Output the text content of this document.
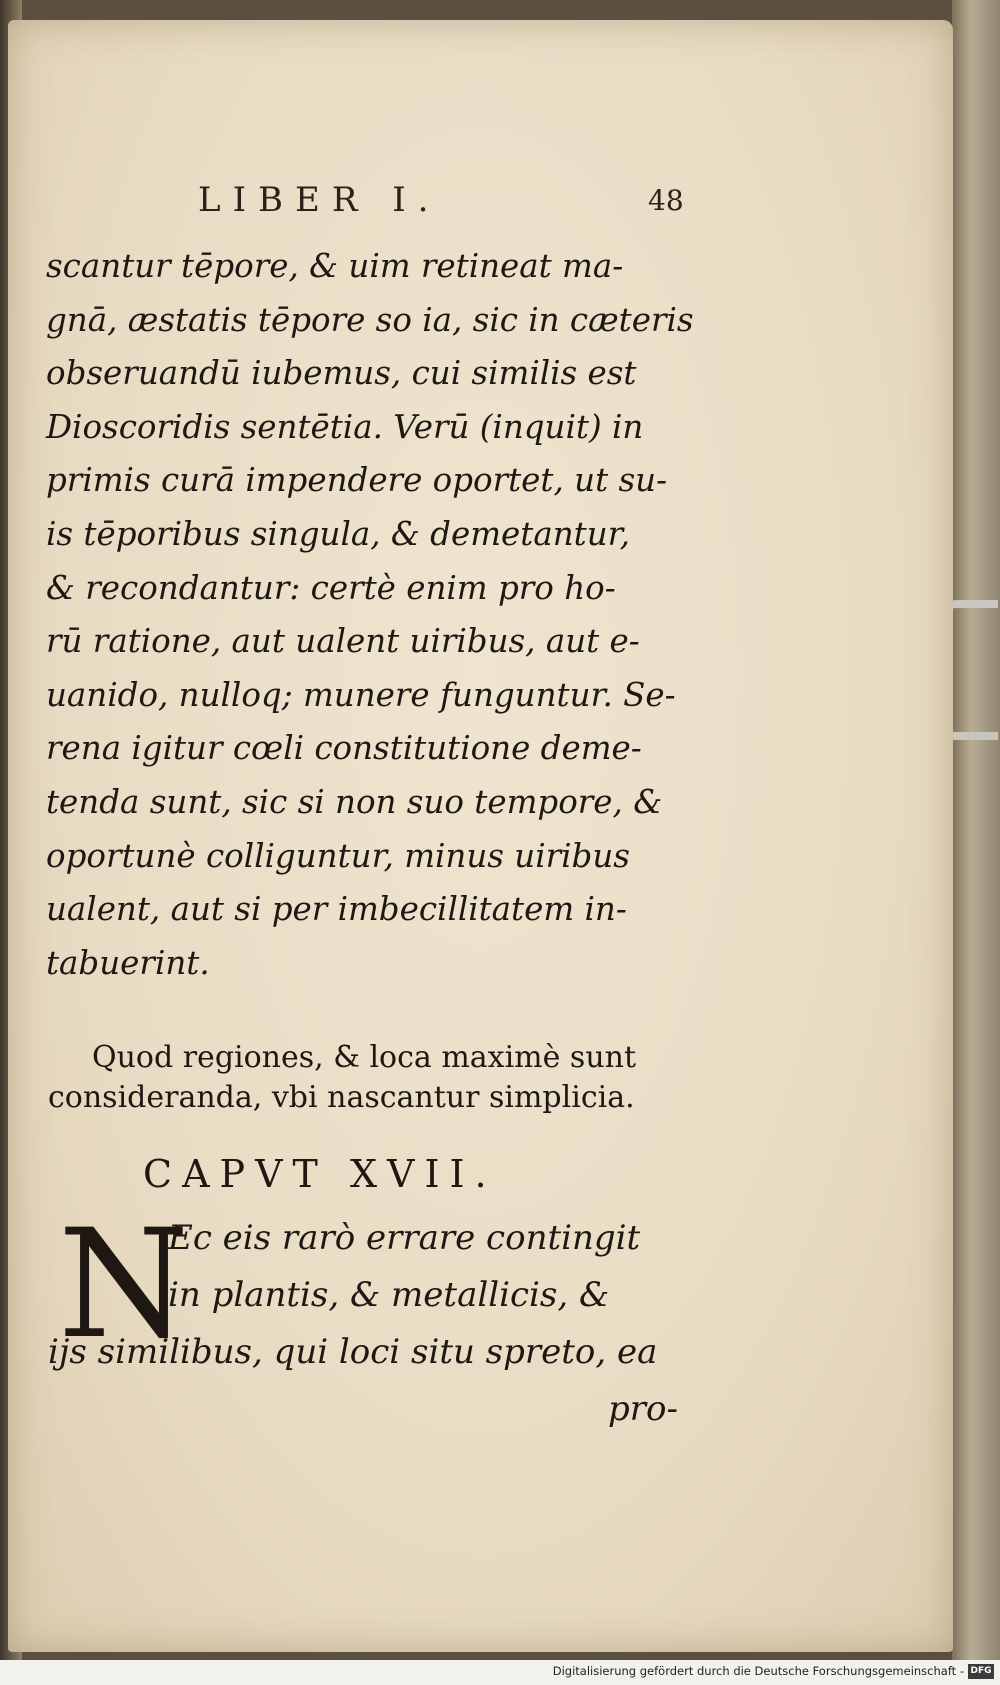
LIBER I.	48
scantur tēpore, & uim retineat ma-
gnā, æstatis tēpore so ia, sic in cæteris
obseruandū iubemus, cui similis est
Dioscoridis sentētia. Verū (inquit) in
primis curā impendere oportet, ut su-
is tēporibus singula, & demetantur,
& recondantur: certè enim pro ho-
rū ratione, aut ualent uiribus, aut e-
uanido, nulloq; munere funguntur. Se-
rena igitur cœli constitutione deme-
tenda sunt, sic si non suo tempore, &
oportunè colliguntur, minus uiribus
ualent, aut si per imbecillitatem in-
tabuerint.
Quod regiones, & loca maximè sunt
consideranda, vbi nascantur simplicia.
CAPVT XVII.
N
Ec eis rarò errare contingit
in plantis, & metallicis, &
ijs similibus, qui loci situ spreto, ea
pro-
Digitalisierung gefördert durch die Deutsche Forschungsgemeinschaft - DFG
